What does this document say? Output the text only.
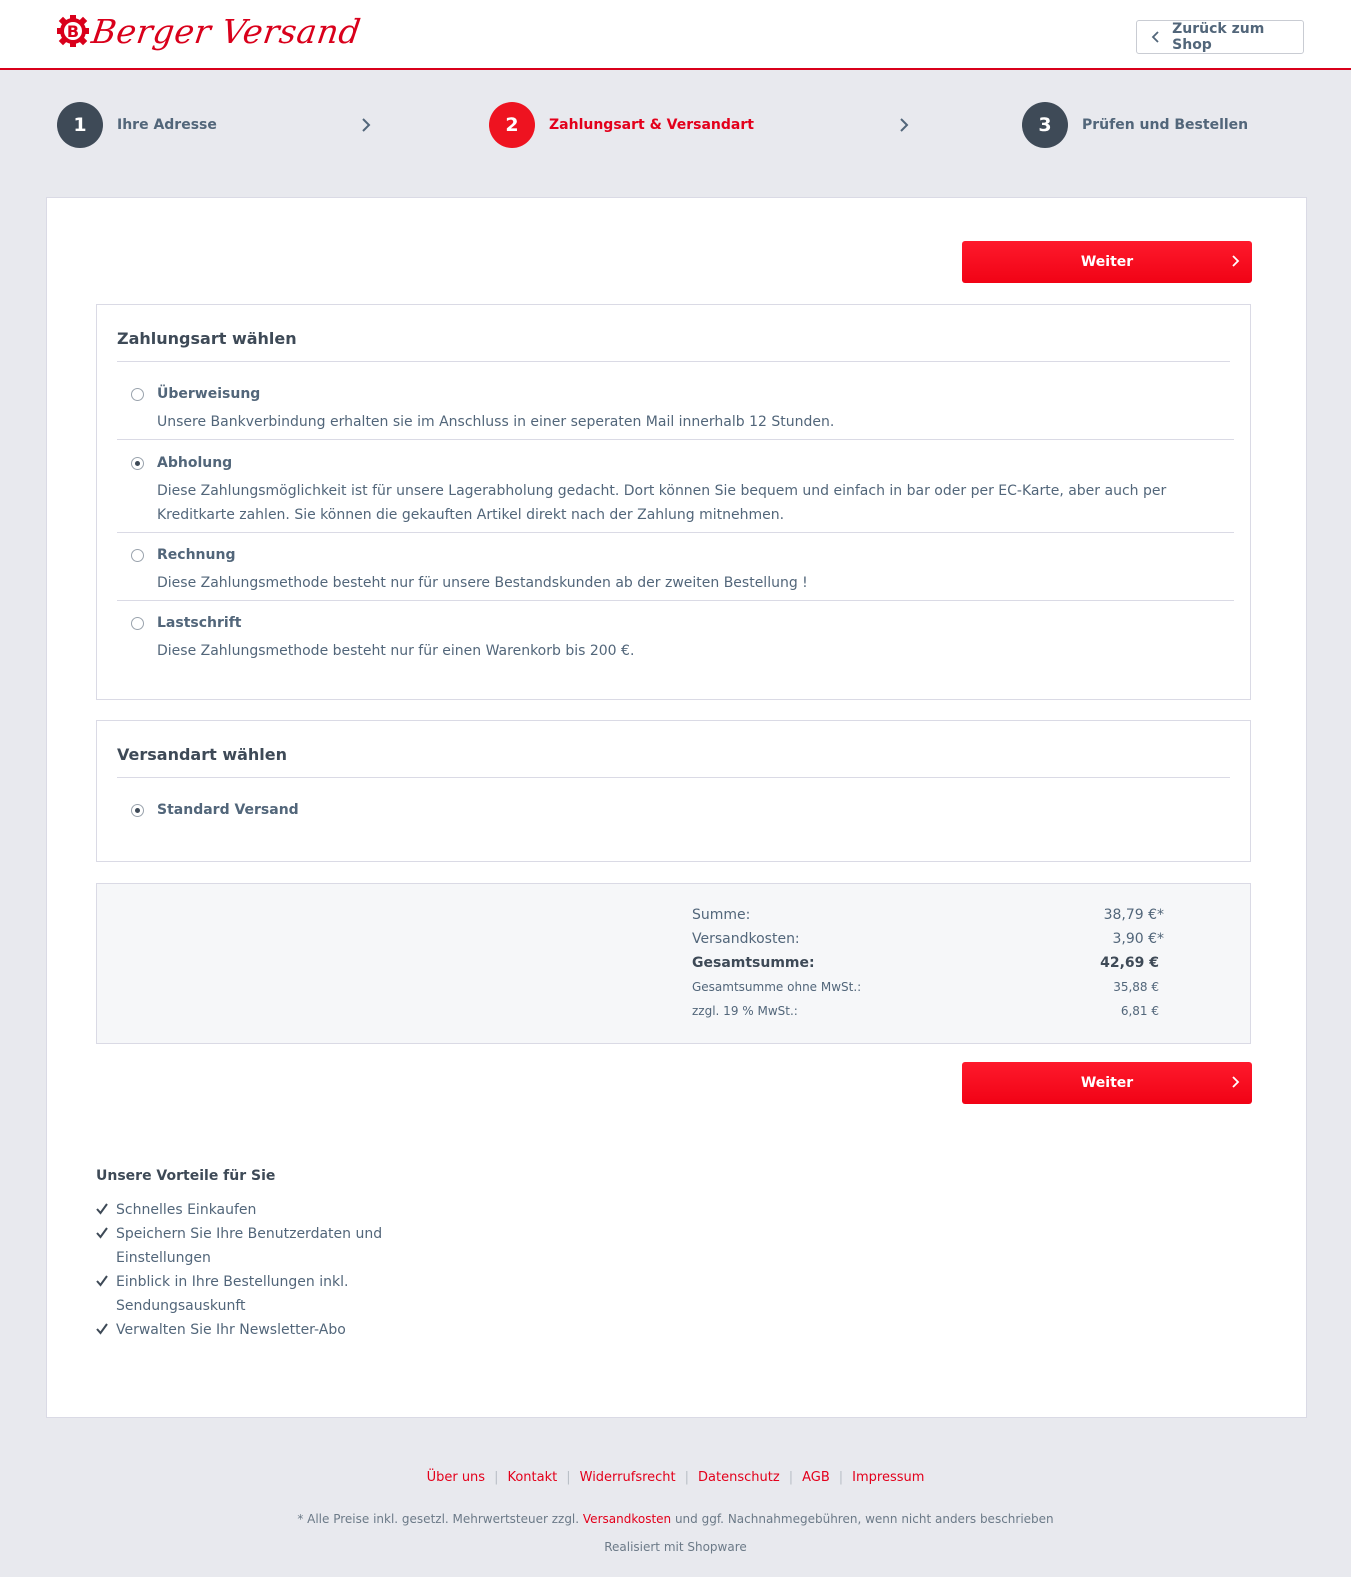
B Berger Versand	Zurück zum Shop
1	Ihre Adresse	2	Zahlungsart & Versandart	3	Prüfen und Bestellen
Weiter
Zahlungsart wählen
Überweisung
Unsere Bankverbindung erhalten sie im Anschluss in einer seperaten Mail innerhalb 12 Stunden.
Abholung
Diese Zahlungsmöglichkeit ist für unsere Lagerabholung gedacht. Dort können Sie bequem und einfach in bar oder per EC-Karte, aber auch per Kreditkarte zahlen. Sie können die gekauften Artikel direkt nach der Zahlung mitnehmen.
Rechnung
Diese Zahlungsmethode besteht nur für unsere Bestandskunden ab der zweiten Bestellung !
Lastschrift
Diese Zahlungsmethode besteht nur für einen Warenkorb bis 200 €.
Versandart wählen
Standard Versand
Summe:	38,79 €*
Versandkosten:	3,90 €*
Gesamtsumme:	42,69 €
Gesamtsumme ohne MwSt.:	35,88 €
zzgl. 19 % MwSt.:	6,81 €
Weiter
Unsere Vorteile für Sie
Schnelles Einkaufen
Speichern Sie Ihre Benutzerdaten und Einstellungen
Einblick in Ihre Bestellungen inkl. Sendungsauskunft
Verwalten Sie Ihr Newsletter-Abo
Über uns | Kontakt | Widerrufsrecht | Datenschutz | AGB | Impressum
* Alle Preise inkl. gesetzl. Mehrwertsteuer zzgl. Versandkosten und ggf. Nachnahmegebühren, wenn nicht anders beschrieben
Realisiert mit Shopware
